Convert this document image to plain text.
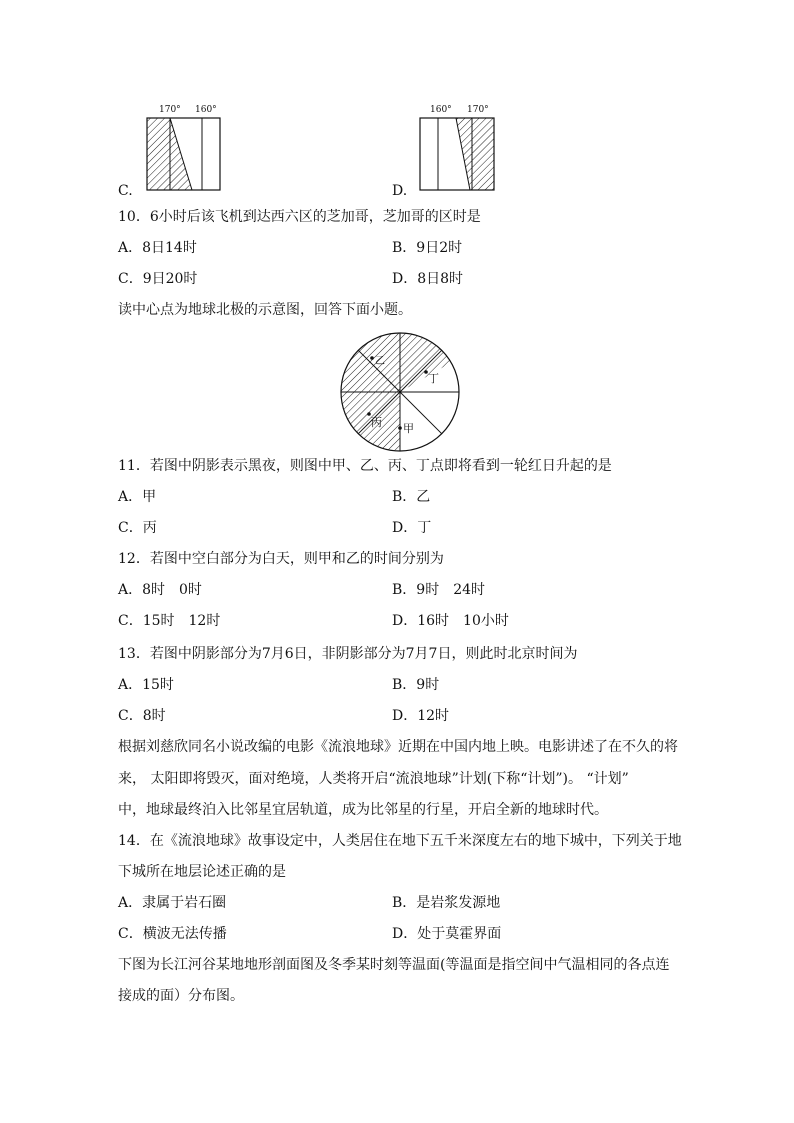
170° 160°
C.
160° 170°
D.
10．6小时后该飞机到达西六区的芝加哥，芝加哥的区时是
A．8日14时	B．9日2时
C．9日20时	D．8日8时
读中心点为地球北极的示意图，回答下面小题。
乙
丁
丙 甲
11．若图中阴影表示黑夜，则图中甲、乙、丙、丁点即将看到一轮红日升起的是
A．甲	B．乙
C．丙	D．丁
12．若图中空白部分为白天，则甲和乙的时间分别为
A．8时　0时	B．9时　24时
C．15时　12时	D．16时　10小时
13．若图中阴影部分为7月6日，非阴影部分为7月7日，则此时北京时间为
A．15时	B．9时
C．8时	D．12时
根据刘慈欣同名小说改编的电影《流浪地球》近期在中国内地上映。电影讲述了在不久的将
来， 太阳即将毁灭，面对绝境，人类将开启“流浪地球”计划(下称“计划”)。 “计划”
中，地球最终泊入比邻星宜居轨道，成为比邻星的行星，开启全新的地球时代。
14．在《流浪地球》故事设定中，人类居住在地下五千米深度左右的地下城中，下列关于地
下城所在地层论述正确的是
A．隶属于岩石圈	B．是岩浆发源地
C．横波无法传播	D．处于莫霍界面
下图为长江河谷某地地形剖面图及冬季某时刻等温面(等温面是指空间中气温相同的各点连
接成的面）分布图。
